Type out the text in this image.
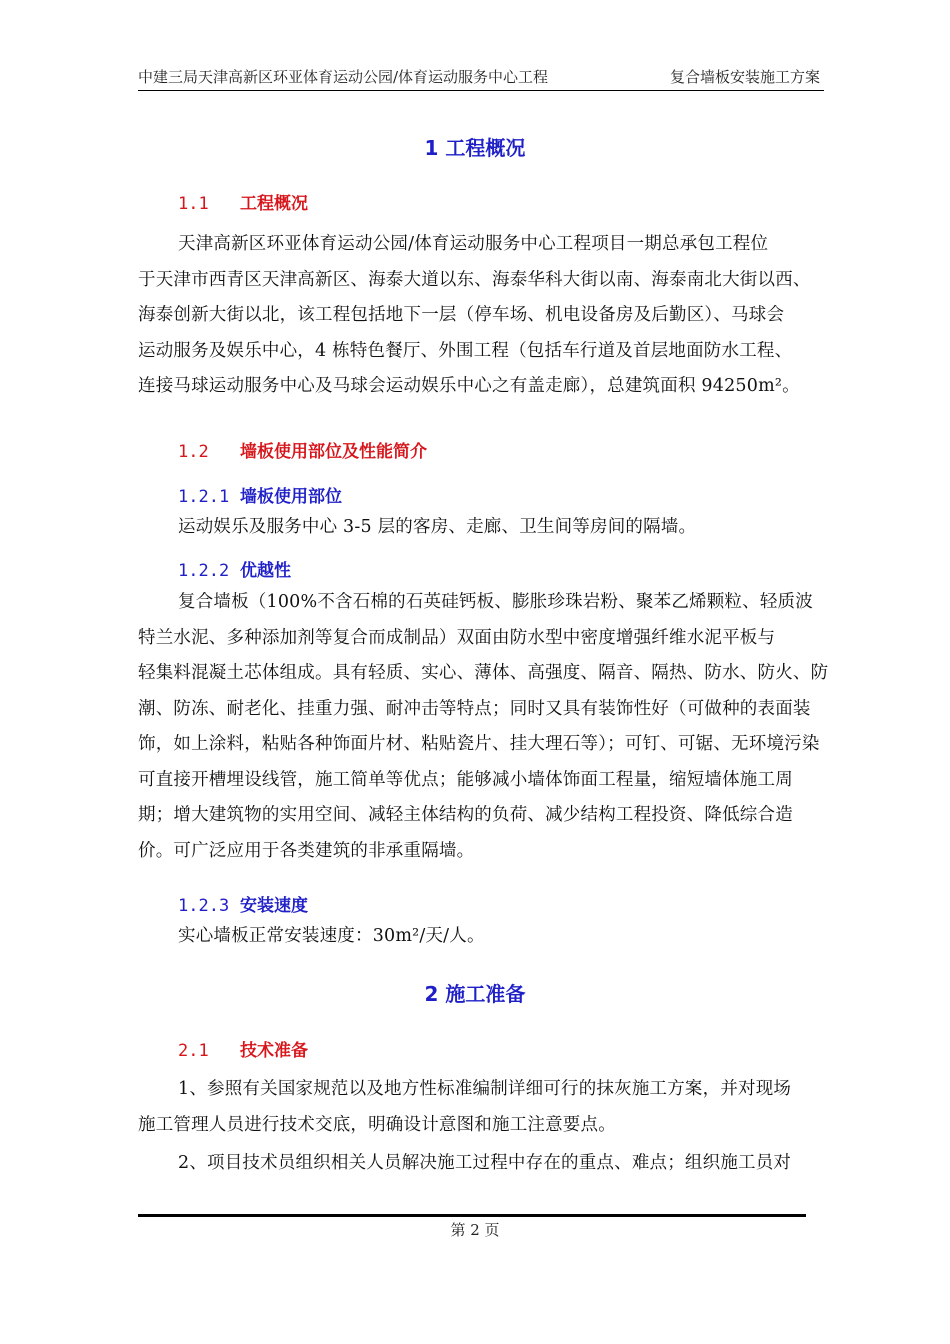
中建三局天津高新区环亚体育运动公园/体育运动服务中心工程	复合墙板安装施工方案
1 工程概况
1.1 工程概况
天津高新区环亚体育运动公园/体育运动服务中心工程项目一期总承包工程位
于天津市西青区天津高新区、海泰大道以东、海泰华科大街以南、海泰南北大街以西、
海泰创新大街以北，该工程包括地下一层（停车场、机电设备房及后勤区）、马球会
运动服务及娱乐中心，4 栋特色餐厅、外围工程（包括车行道及首层地面防水工程、
连接马球运动服务中心及马球会运动娱乐中心之有盖走廊），总建筑面积 94250m²。
1.2 墙板使用部位及性能简介
1.2.1 墙板使用部位
运动娱乐及服务中心 3-5 层的客房、走廊、卫生间等房间的隔墙。
1.2.2 优越性
复合墙板（100%不含石棉的石英硅钙板、膨胀珍珠岩粉、聚苯乙烯颗粒、轻质波
特兰水泥、多种添加剂等复合而成制品）双面由防水型中密度增强纤维水泥平板与
轻集料混凝土芯体组成。具有轻质、实心、薄体、高强度、隔音、隔热、防水、防火、防
潮、防冻、耐老化、挂重力强、耐冲击等特点；同时又具有装饰性好（可做种的表面装
饰，如上涂料，粘贴各种饰面片材、粘贴瓷片、挂大理石等）；可钉、可锯、无环境污染
可直接开槽埋设线管，施工简单等优点；能够减小墙体饰面工程量，缩短墙体施工周
期；增大建筑物的实用空间、减轻主体结构的负荷、减少结构工程投资、降低综合造
价。可广泛应用于各类建筑的非承重隔墙。
1.2.3 安装速度
实心墙板正常安装速度：30m²/天/人。
2 施工准备
2.1 技术准备
1、参照有关国家规范以及地方性标准编制详细可行的抹灰施工方案，并对现场
施工管理人员进行技术交底，明确设计意图和施工注意要点。
2、项目技术员组织相关人员解决施工过程中存在的重点、难点；组织施工员对
第 2 页
